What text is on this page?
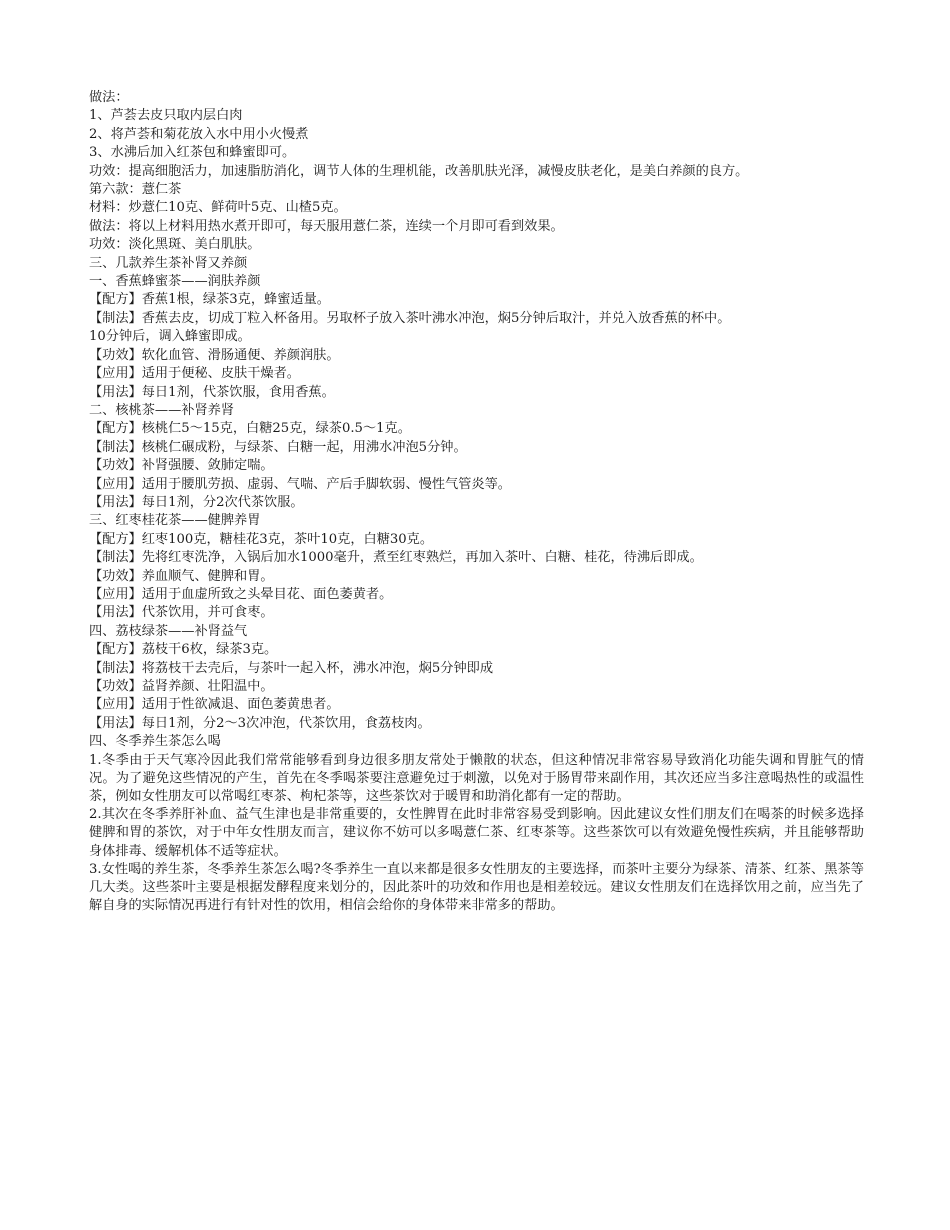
做法：
1、芦荟去皮只取内层白肉
2、将芦荟和菊花放入水中用小火慢煮
3、水沸后加入红茶包和蜂蜜即可。
功效：提高细胞活力，加速脂肪消化，调节人体的生理机能，改善肌肤光泽，减慢皮肤老化，是美白养颜的良方。
第六款：薏仁茶
材料：炒薏仁10克、鲜荷叶5克、山楂5克。
做法：将以上材料用热水煮开即可，每天服用薏仁茶，连续一个月即可看到效果。
功效：淡化黑斑、美白肌肤。
三、几款养生茶补肾又养颜
一、香蕉蜂蜜茶——润肤养颜
【配方】香蕉1根，绿茶3克，蜂蜜适量。
【制法】香蕉去皮，切成丁粒入杯备用。另取杯子放入茶叶沸水冲泡，焖5分钟后取汁，并兑入放香蕉的杯中。
10分钟后，调入蜂蜜即成。
【功效】软化血管、滑肠通便、养颜润肤。
【应用】适用于便秘、皮肤干燥者。
【用法】每日1剂，代茶饮服，食用香蕉。
二、核桃茶——补肾养肾
【配方】核桃仁5～15克，白糖25克，绿茶0.5～1克。
【制法】核桃仁碾成粉，与绿茶、白糖一起，用沸水冲泡5分钟。
【功效】补肾强腰、敛肺定喘。
【应用】适用于腰肌劳损、虚弱、气喘、产后手脚软弱、慢性气管炎等。
【用法】每日1剂，分2次代茶饮服。
三、红枣桂花茶——健脾养胃
【配方】红枣100克，糖桂花3克，茶叶10克，白糖30克。
【制法】先将红枣洗净，入锅后加水1000毫升，煮至红枣熟烂，再加入茶叶、白糖、桂花，待沸后即成。
【功效】养血顺气、健脾和胃。
【应用】适用于血虚所致之头晕目花、面色萎黄者。
【用法】代茶饮用，并可食枣。
四、荔枝绿茶——补肾益气
【配方】荔枝干6枚，绿茶3克。
【制法】将荔枝干去壳后，与茶叶一起入杯，沸水冲泡，焖5分钟即成
【功效】益肾养颜、壮阳温中。
【应用】适用于性欲减退、面色萎黄患者。
【用法】每日1剂，分2～3次冲泡，代茶饮用，食荔枝肉。
四、冬季养生茶怎么喝
1.冬季由于天气寒冷因此我们常常能够看到身边很多朋友常处于懒散的状态，但这种情况非常容易导致消化功能失调和胃脏气的情况。为了避免这些情况的产生，首先在冬季喝茶要注意避免过于刺激，以免对于肠胃带来副作用，其次还应当多注意喝热性的或温性茶，例如女性朋友可以常喝红枣茶、枸杞茶等，这些茶饮对于暖胃和助消化都有一定的帮助。
2.其次在冬季养肝补血、益气生津也是非常重要的，女性脾胃在此时非常容易受到影响。因此建议女性们朋友们在喝茶的时候多选择健脾和胃的茶饮，对于中年女性朋友而言，建议你不妨可以多喝薏仁茶、红枣茶等。这些茶饮可以有效避免慢性疾病，并且能够帮助身体排毒、缓解机体不适等症状。
3.女性喝的养生茶，冬季养生茶怎么喝?冬季养生一直以来都是很多女性朋友的主要选择，而茶叶主要分为绿茶、清茶、红茶、黑茶等几大类。这些茶叶主要是根据发酵程度来划分的，因此茶叶的功效和作用也是相差较远。建议女性朋友们在选择饮用之前，应当先了解自身的实际情况再进行有针对性的饮用，相信会给你的身体带来非常多的帮助。
